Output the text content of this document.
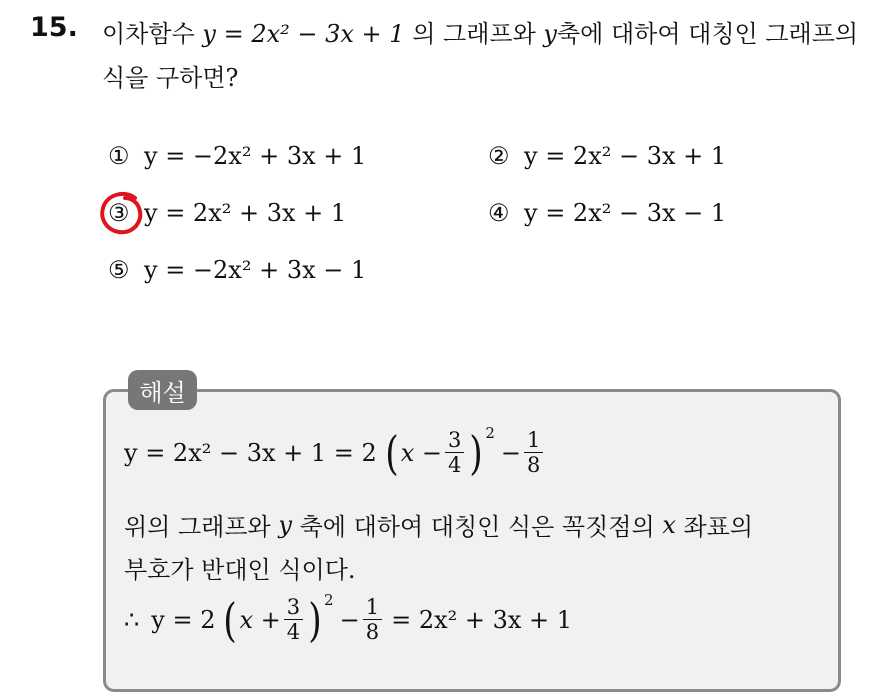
15. 이차함수 y = 2x² − 3x + 1 의 그래프와 y축에 대하여 대칭인 그래프의
식을 구하면?
① y = −2x² + 3x + 1	② y = 2x² − 3x + 1
③ y = 2x² + 3x + 1	④ y = 2x² − 3x − 1
⑤ y = −2x² + 3x − 1
해설
y = 2x² − 3x + 1 = 2 ( $x - \frac{3}{4}$ ) 2
− $\frac{1}{8}$
위의 그래프와
y
축에 대하여 대칭인 식은 꼭짓점의
x
좌표의
부호가 반대인 식이다.
∴ y = 2 ( $x + \frac{3}{4}$ ) 2
− $\frac{1}{8} = 2x^2 + 3x + 1$
